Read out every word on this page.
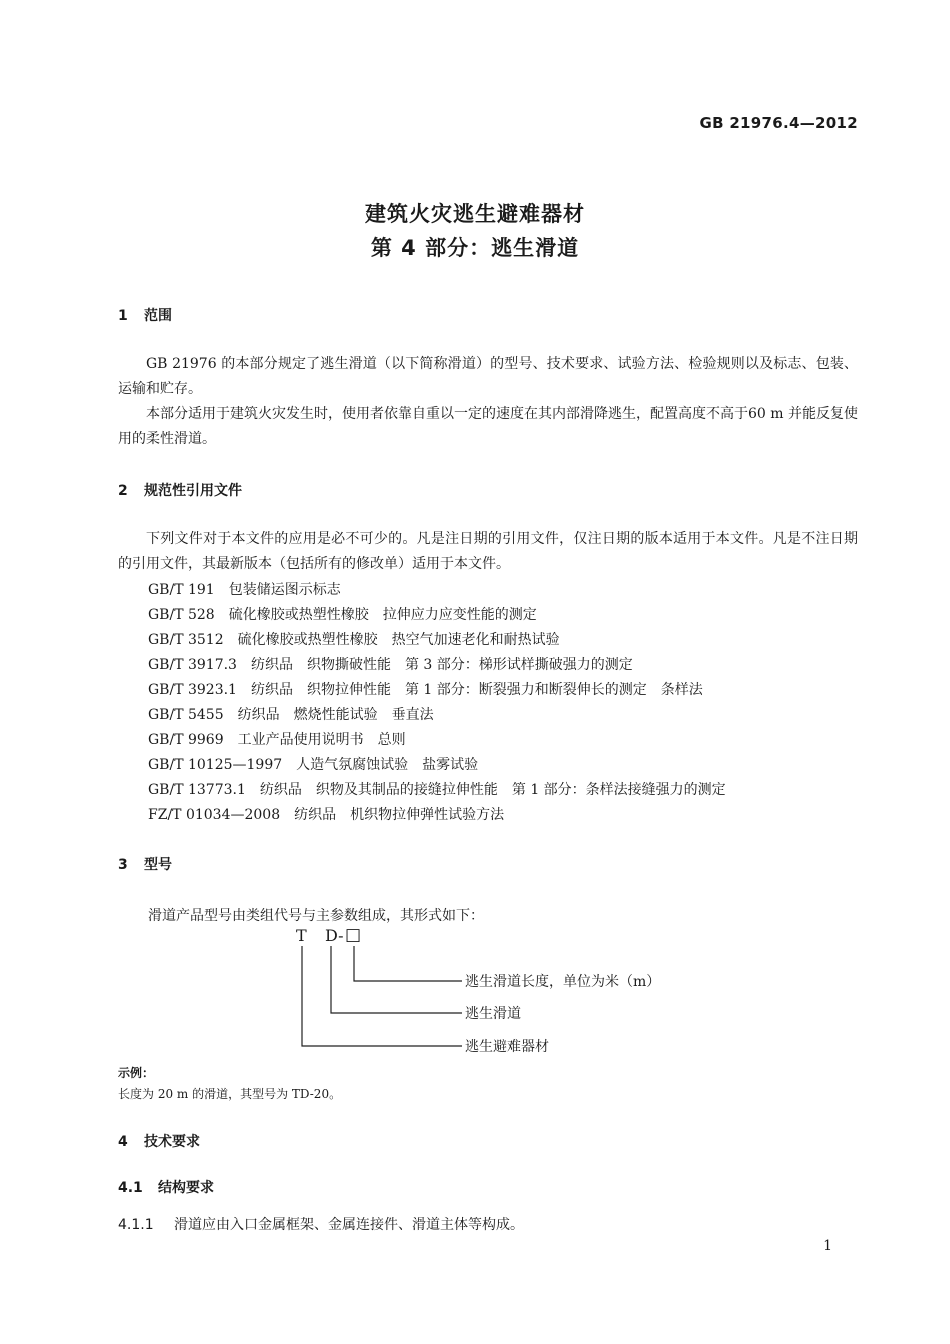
GB 21976.4—2012
建筑火灾逃生避难器材
第 4 部分：逃生滑道
1 范围

GB 21976 的本部分规定了逃生滑道（以下简称滑道）的型号、技术要求、试验方法、检验规则以及标志、包装、运输和贮存。

本部分适用于建筑火灾发生时，使用者依靠自重以一定的速度在其内部滑降逃生，配置高度不高于60 m 并能反复使用的柔性滑道。

2 规范性引用文件

下列文件对于本文件的应用是必不可少的。凡是注日期的引用文件，仅注日期的版本适用于本文件。凡是不注日期的引用文件，其最新版本（包括所有的修改单）适用于本文件。

GB/T 191　包装储运图示标志
GB/T 528　硫化橡胶或热塑性橡胶　拉伸应力应变性能的测定
GB/T 3512　硫化橡胶或热塑性橡胶　热空气加速老化和耐热试验
GB/T 3917.3　纺织品　织物撕破性能　第 3 部分：梯形试样撕破强力的测定
GB/T 3923.1　纺织品　织物拉伸性能　第 1 部分：断裂强力和断裂伸长的测定　条样法
GB/T 5455　纺织品　燃烧性能试验　垂直法
GB/T 9969　工业产品使用说明书　总则
GB/T 10125—1997　人造气氛腐蚀试验　盐雾试验
GB/T 13773.1　纺织品　织物及其制品的接缝拉伸性能　第 1 部分：条样法接缝强力的测定
FZ/T 01034—2008　纺织品　机织物拉伸弹性试验方法
3 型号
滑道产品型号由类组代号与主参数组成，其形式如下：
T D- □
逃生滑道长度，单位为米（m）
逃生滑道
逃生避难器材
示例：
长度为 20 m 的滑道，其型号为 TD-20。
4 技术要求
4.1 结构要求
4.1.1 滑道应由入口金属框架、金属连接件、滑道主体等构成。
1
